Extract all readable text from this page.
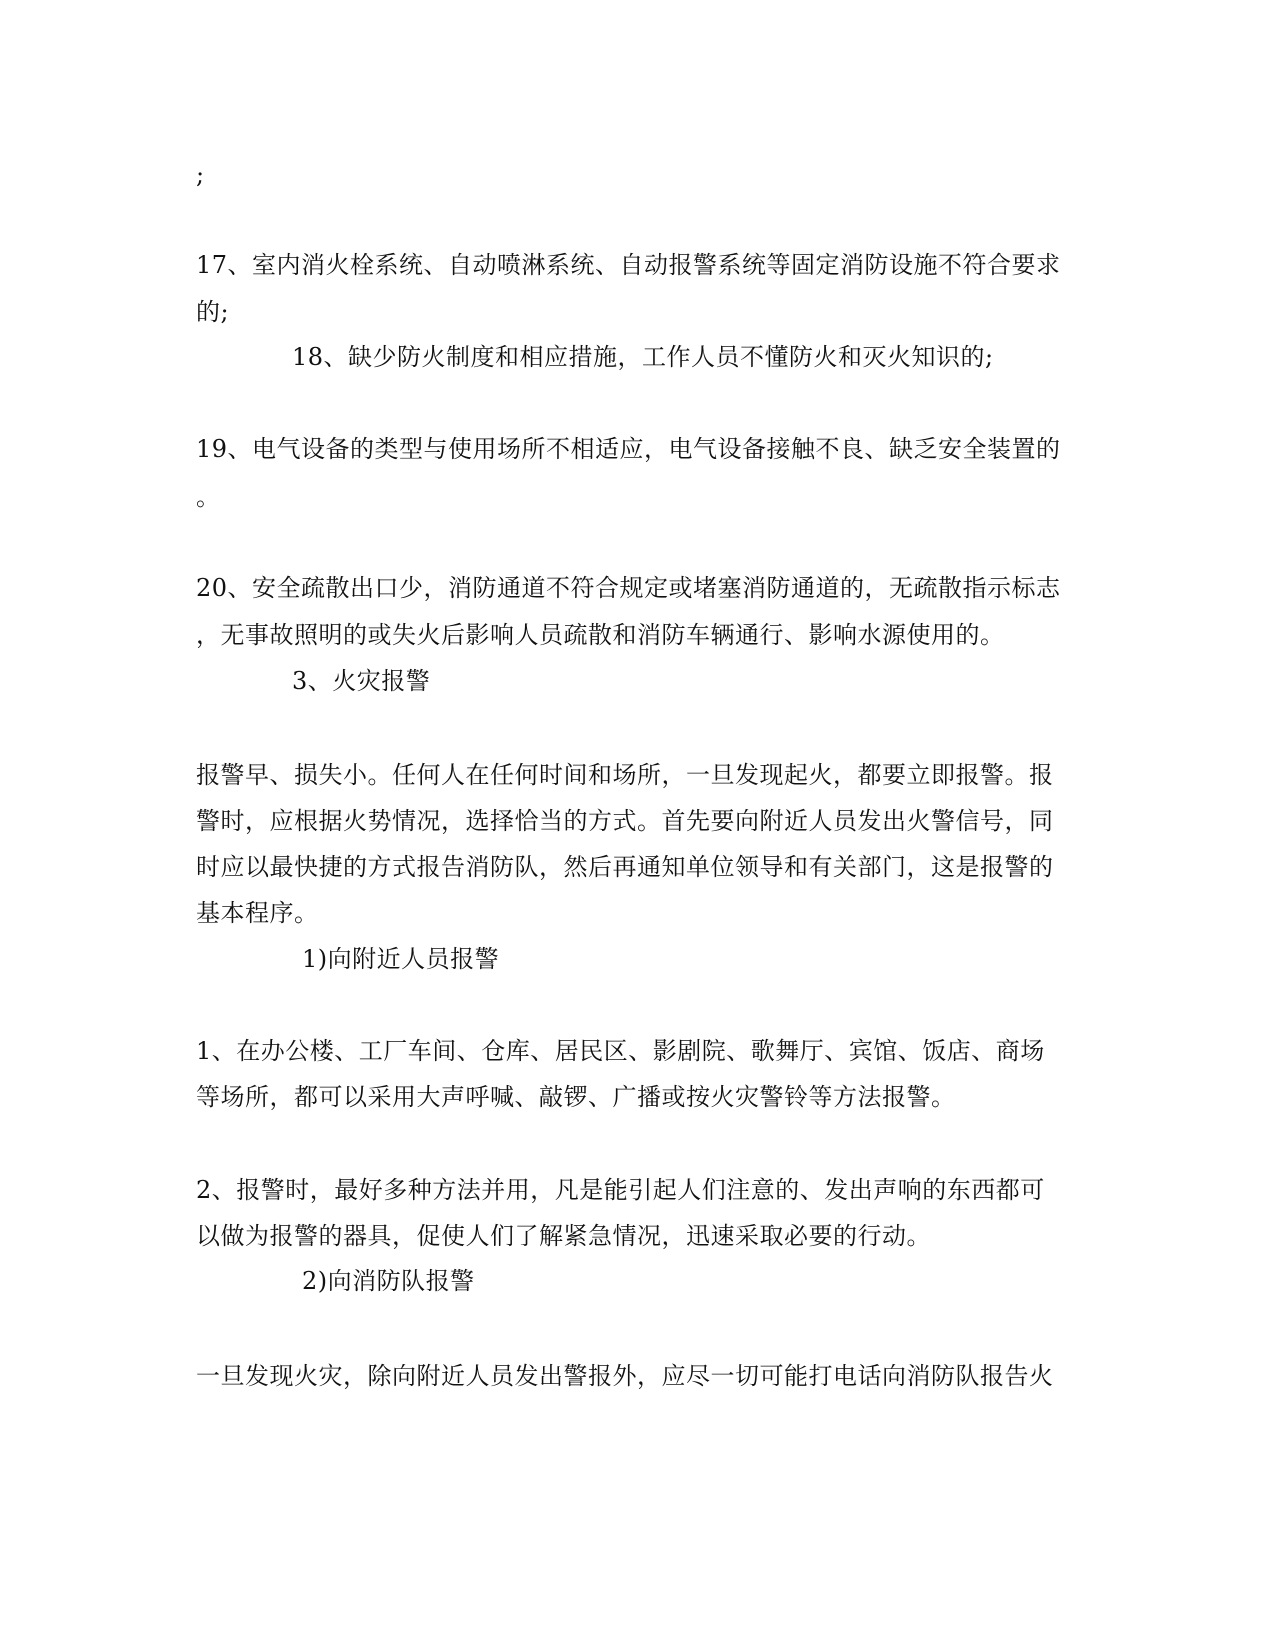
;
17、室内消火栓系统、自动喷淋系统、自动报警系统等固定消防设施不符合要求
的;
18、缺少防火制度和相应措施，工作人员不懂防火和灭火知识的;
19、电气设备的类型与使用场所不相适应，电气设备接触不良、缺乏安全装置的
。
20、安全疏散出口少，消防通道不符合规定或堵塞消防通道的，无疏散指示标志
，无事故照明的或失火后影响人员疏散和消防车辆通行、影响水源使用的。
3、火灾报警
报警早、损失小。任何人在任何时间和场所，一旦发现起火，都要立即报警。报
警时，应根据火势情况，选择恰当的方式。首先要向附近人员发出火警信号，同
时应以最快捷的方式报告消防队，然后再通知单位领导和有关部门，这是报警的
基本程序。
1)向附近人员报警
1、在办公楼、工厂车间、仓库、居民区、影剧院、歌舞厅、宾馆、饭店、商场
等场所，都可以采用大声呼喊、敲锣、广播或按火灾警铃等方法报警。
2、报警时，最好多种方法并用，凡是能引起人们注意的、发出声响的东西都可
以做为报警的器具，促使人们了解紧急情况，迅速采取必要的行动。
2)向消防队报警
一旦发现火灾，除向附近人员发出警报外，应尽一切可能打电话向消防队报告火
